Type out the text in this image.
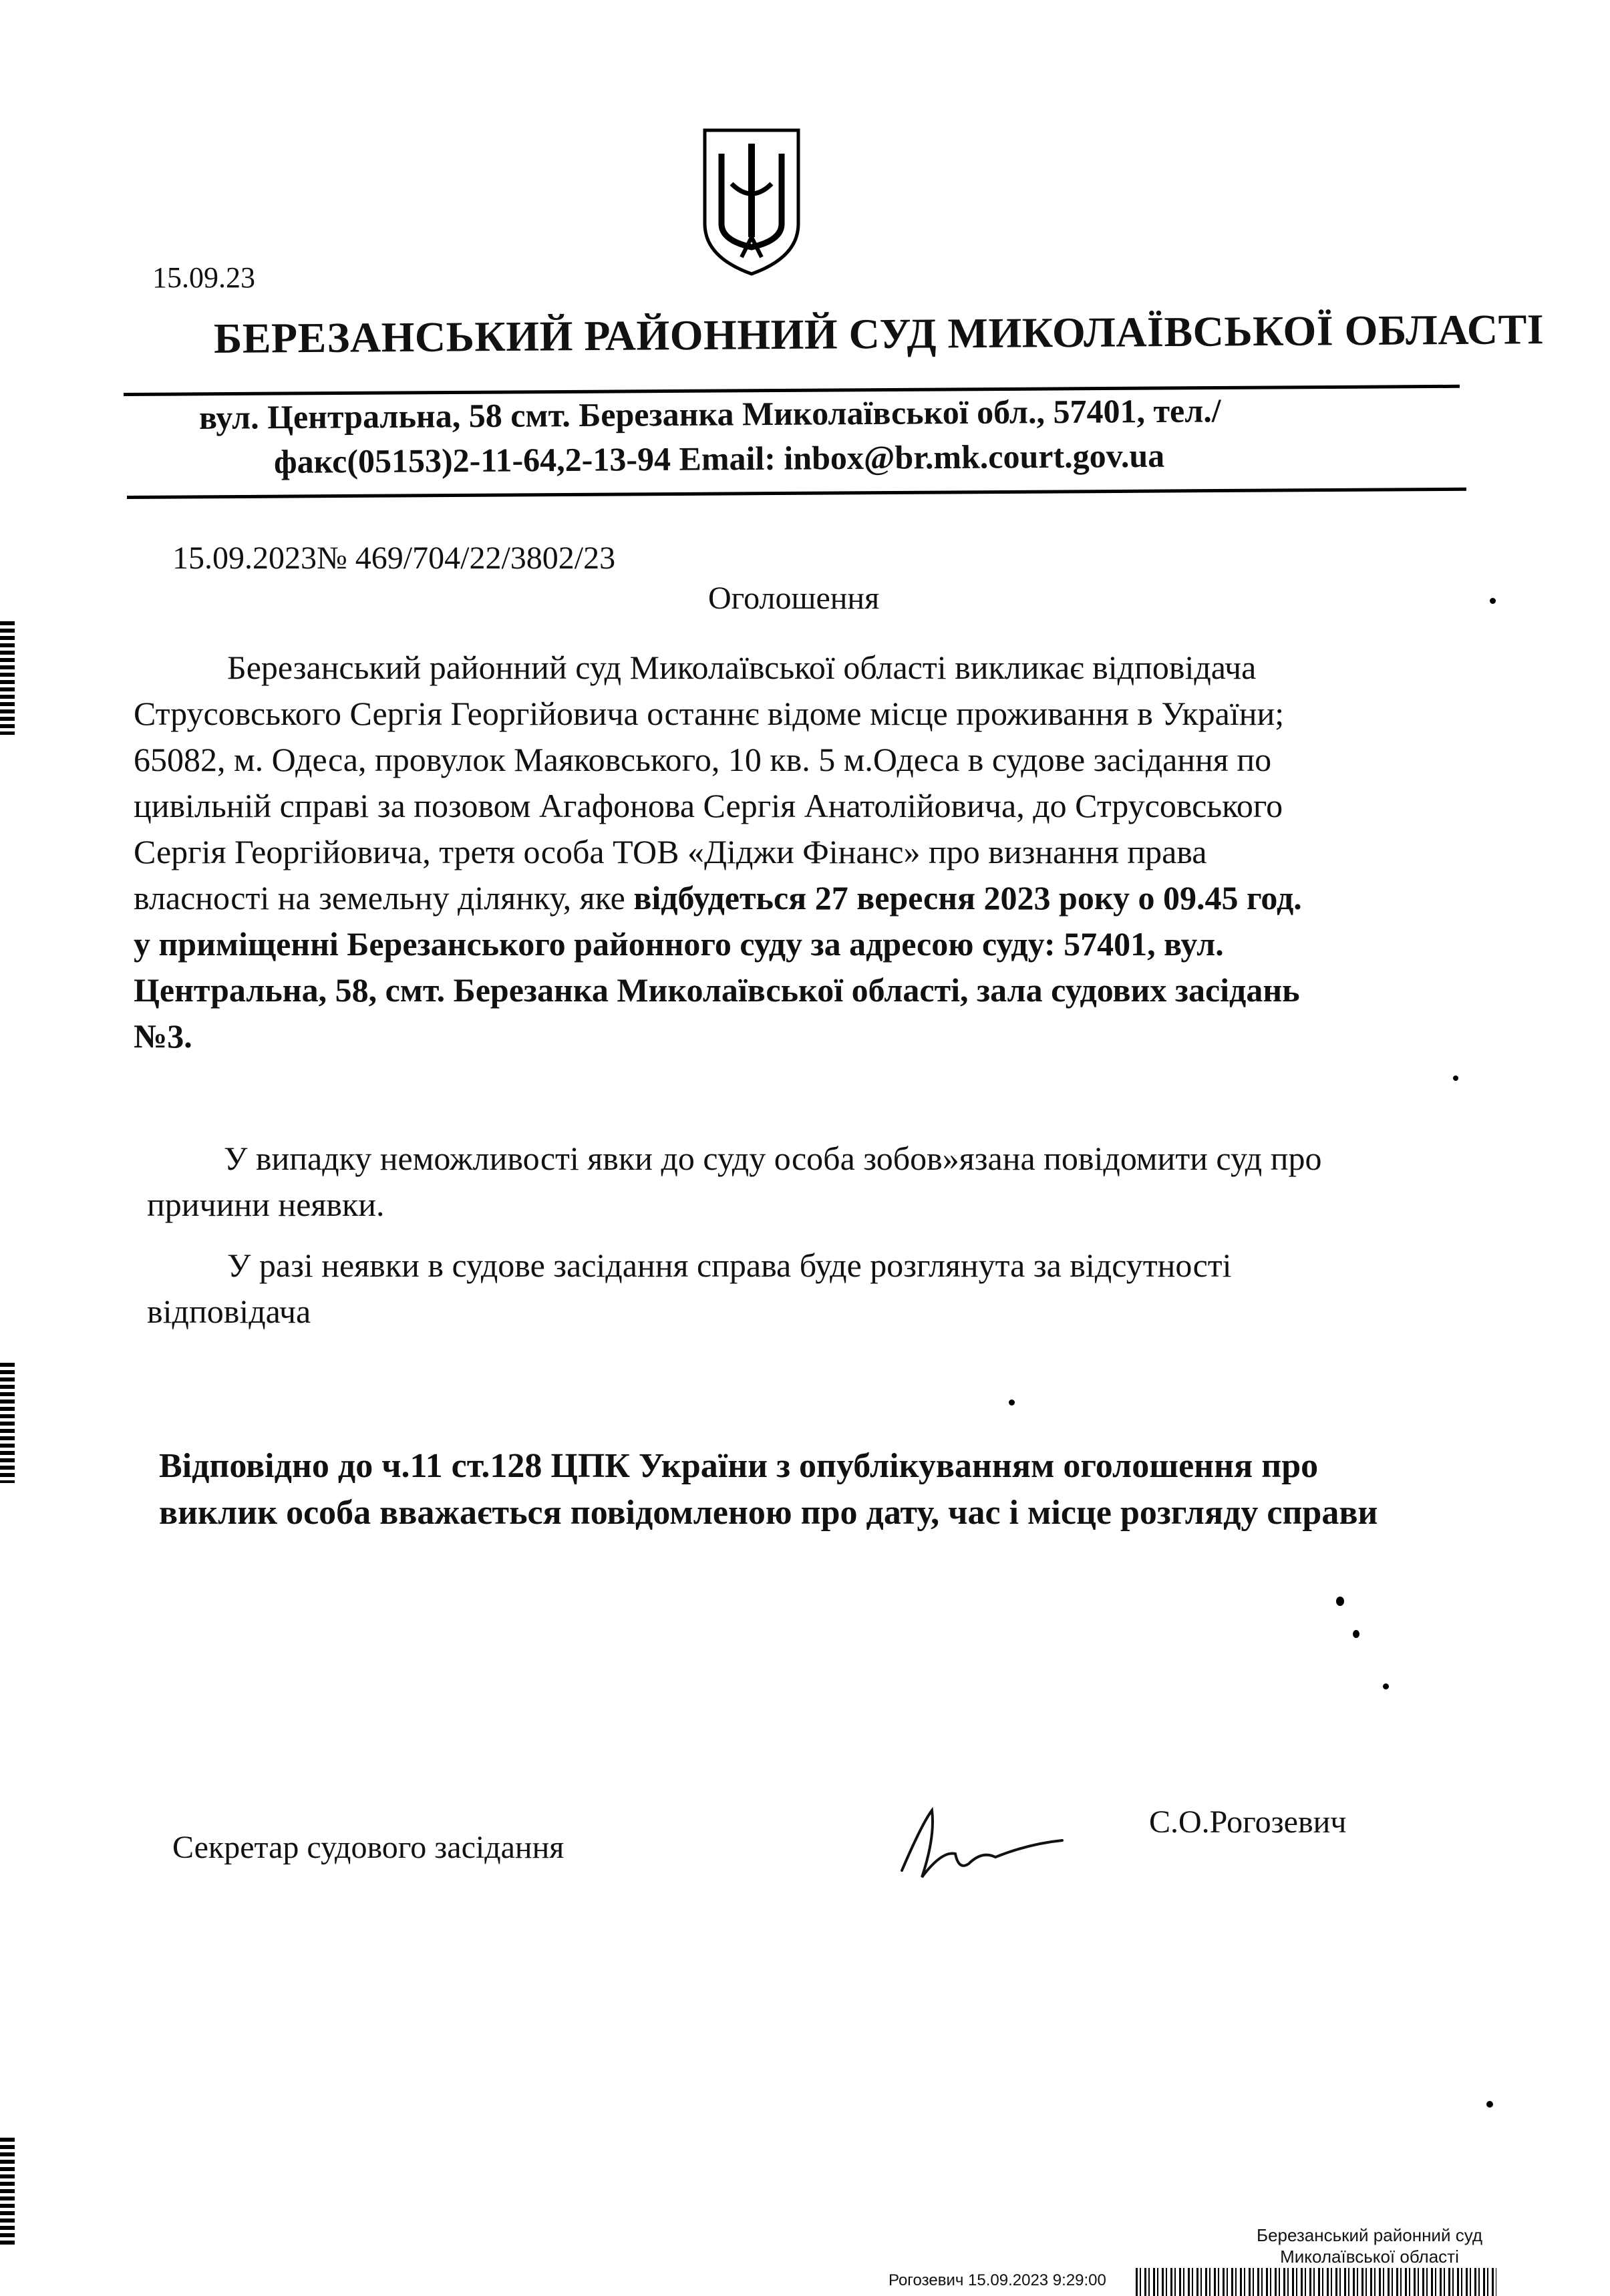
15.09.23
БЕРЕЗАНСЬКИЙ РАЙОННИЙ СУД МИКОЛАЇВСЬКОЇ ОБЛАСТІ
вул. Центральна, 58 смт. Березанка Миколаївської обл., 57401, тел./
факс(05153)2-11-64,2-13-94 Email: inbox@br.mk.court.gov.ua
15.09.2023№ 469/704/22/3802/23
Оголошення
Березанський районний суд Миколаївської області викликає відповідача
Струсовського Сергія Георгійовича останнє відоме місце проживання в України;
65082, м. Одеса, провулок Маяковського, 10 кв. 5 м.Одеса в судове засідання по
цивільній справі за позовом Агафонова Сергія Анатолійовича, до Струсовського
Сергія Георгійовича, третя особа ТОВ «Діджи Фінанс» про визнання права
власності на земельну ділянку, яке відбудеться 27 вересня 2023 року о 09.45 год.
у приміщенні Березанського районного суду за адресою суду: 57401, вул.
Центральна, 58, смт. Березанка Миколаївської області, зала судових засідань
№3.
У випадку неможливості явки до суду особа зобов»язана повідомити суд про
причини неявки.
У разі неявки в судове засідання справа буде розглянута за відсутності
відповідача
Відповідно до ч.11 ст.128 ЦПК України з опублікуванням оголошення про
виклик особа вважається повідомленою про дату, час і місце розгляду справи
Секретар судового засідання
С.О.Рогозевич
Березанський районний суд
Миколаївської області
Рогозевич 15.09.2023 9:29:00
